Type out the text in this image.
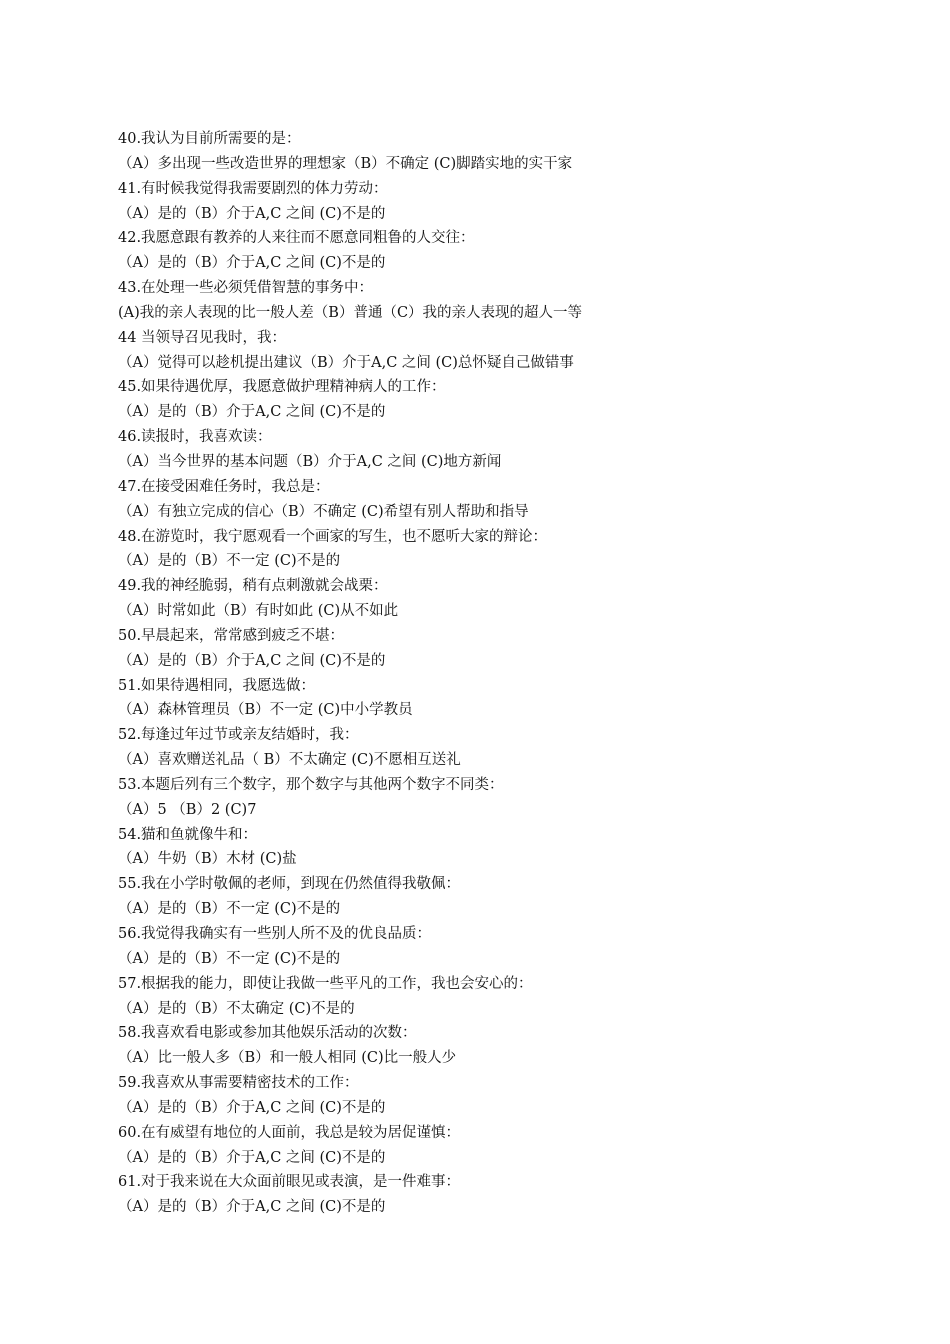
40.我认为目前所需要的是：
（A）多出现一些改造世界的理想家（B）不确定 (C)脚踏实地的实干家
41.有时候我觉得我需要剧烈的体力劳动：
（A）是的（B）介于A,C 之间 (C)不是的
42.我愿意跟有教养的人来往而不愿意同粗鲁的人交往：
（A）是的（B）介于A,C 之间 (C)不是的
43.在处理一些必须凭借智慧的事务中：
(A)我的亲人表现的比一般人差（B）普通（C）我的亲人表现的超人一等
44 当领导召见我时，我：
（A）觉得可以趁机提出建议（B）介于A,C 之间 (C)总怀疑自己做错事
45.如果待遇优厚，我愿意做护理精神病人的工作：
（A）是的（B）介于A,C 之间 (C)不是的
46.读报时，我喜欢读：
（A）当今世界的基本问题（B）介于A,C 之间 (C)地方新闻
47.在接受困难任务时，我总是：
（A）有独立完成的信心（B）不确定 (C)希望有别人帮助和指导
48.在游览时，我宁愿观看一个画家的写生，也不愿听大家的辩论：
（A）是的（B）不一定 (C)不是的
49.我的神经脆弱，稍有点刺激就会战栗：
（A）时常如此（B）有时如此 (C)从不如此
50.早晨起来，常常感到疲乏不堪：
（A）是的（B）介于A,C 之间 (C)不是的
51.如果待遇相同，我愿选做：
（A）森林管理员（B）不一定 (C)中小学教员
52.每逢过年过节或亲友结婚时，我：
（A）喜欢赠送礼品（ B）不太确定 (C)不愿相互送礼
53.本题后列有三个数字，那个数字与其他两个数字不同类：
（A）5 （B）2 (C)7
54.猫和鱼就像牛和：
（A）牛奶（B）木材 (C)盐
55.我在小学时敬佩的老师，到现在仍然值得我敬佩：
（A）是的（B）不一定 (C)不是的
56.我觉得我确实有一些别人所不及的优良品质：
（A）是的（B）不一定 (C)不是的
57.根据我的能力，即使让我做一些平凡的工作，我也会安心的：
（A）是的（B）不太确定 (C)不是的
58.我喜欢看电影或参加其他娱乐活动的次数：
（A）比一般人多（B）和一般人相同 (C)比一般人少
59.我喜欢从事需要精密技术的工作：
（A）是的（B）介于A,C 之间 (C)不是的
60.在有威望有地位的人面前，我总是较为居促谨慎：
（A）是的（B）介于A,C 之间 (C)不是的
61.对于我来说在大众面前眼见或表演，是一件难事：
（A）是的（B）介于A,C 之间 (C)不是的
